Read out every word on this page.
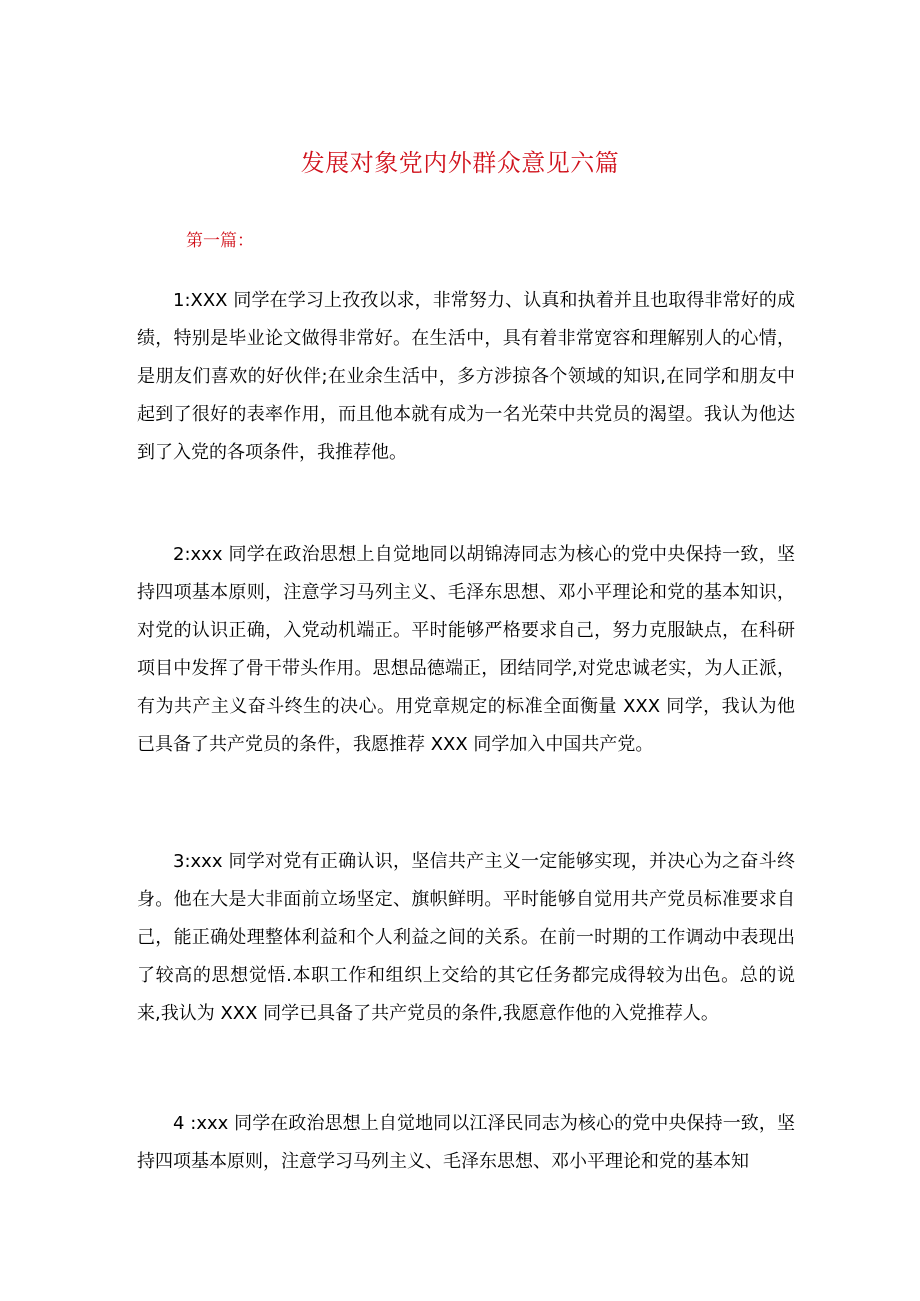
发展对象党内外群众意见六篇
第一篇：

1:XXX 同学在学习上孜孜以求，非常努力、认真和执着并且也取得非常好的成绩，特别是毕业论文做得非常好。在生活中，具有着非常宽容和理解别人的心情，是朋友们喜欢的好伙伴;在业余生活中，多方涉掠各个领域的知识,在同学和朋友中起到了很好的表率作用，而且他本就有成为一名光荣中共党员的渴望。我认为他达到了入党的各项条件，我推荐他。

2:xxx 同学在政治思想上自觉地同以胡锦涛同志为核心的党中央保持一致，坚持四项基本原则，注意学习马列主义、毛泽东思想、邓小平理论和党的基本知识，对党的认识正确，入党动机端正。平时能够严格要求自己，努力克服缺点，在科研项目中发挥了骨干带头作用。思想品德端正，团结同学,对党忠诚老实，为人正派，有为共产主义奋斗终生的决心。用党章规定的标准全面衡量 XXX 同学，我认为他已具备了共产党员的条件，我愿推荐 XXX 同学加入中国共产党。

3:xxx 同学对党有正确认识，坚信共产主义一定能够实现，并决心为之奋斗终身。他在大是大非面前立场坚定、旗帜鲜明。平时能够自觉用共产党员标准要求自己，能正确处理整体利益和个人利益之间的关系。在前一时期的工作调动中表现出了较高的思想觉悟.本职工作和组织上交给的其它任务都完成得较为出色。总的说来,我认为 XXX 同学已具备了共产党员的条件,我愿意作他的入党推荐人。

4 :xxx 同学在政治思想上自觉地同以江泽民同志为核心的党中央保持一致，坚持四项基本原则，注意学习马列主义、毛泽东思想、邓小平理论和党的基本知
